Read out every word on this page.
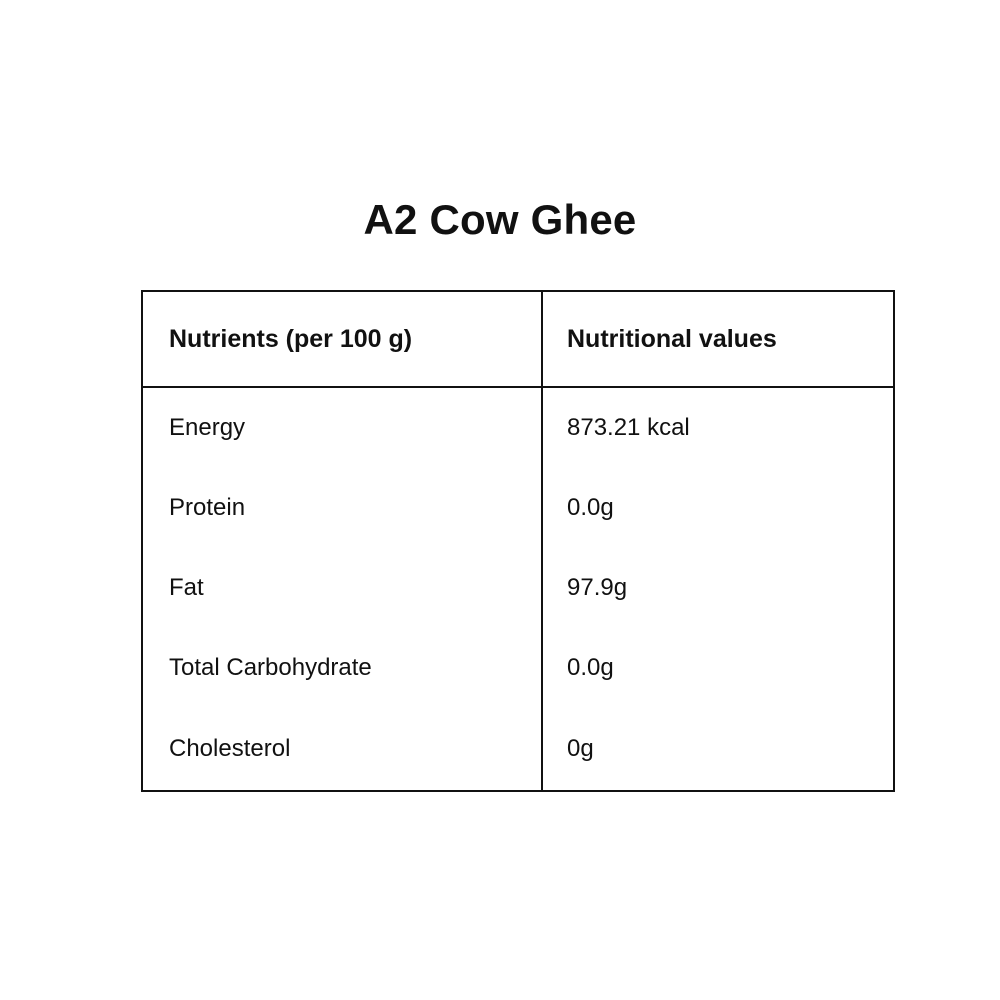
A2 Cow Ghee
Nutrients (per 100 g)	Nutritional values
Energy	873.21 kcal
Protein	0.0g
Fat	97.9g
Total Carbohydrate	0.0g
Cholesterol	0g
